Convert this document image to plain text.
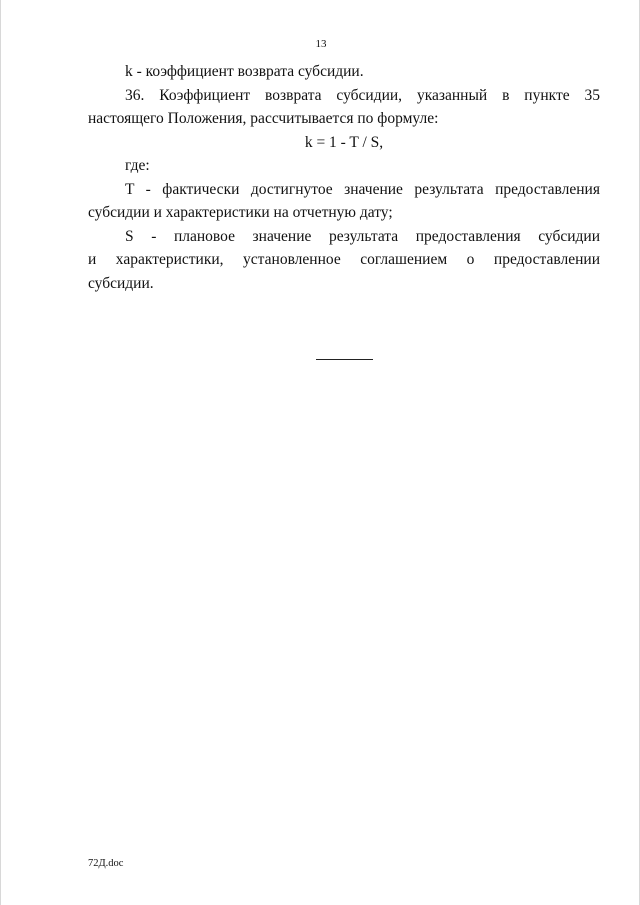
13

k - коэффициент возврата субсидии.

36. Коэффициент возврата субсидии, указанный в пункте 35

настоящего Положения, рассчитывается по формуле:

k = 1 - T / S,

где:

T - фактически достигнутое значение результата предоставления

субсидии и характеристики на отчетную дату;

S - плановое значение результата предоставления субсидии

и характеристики, установленное соглашением о предоставлении

субсидии.

72Д.doc
